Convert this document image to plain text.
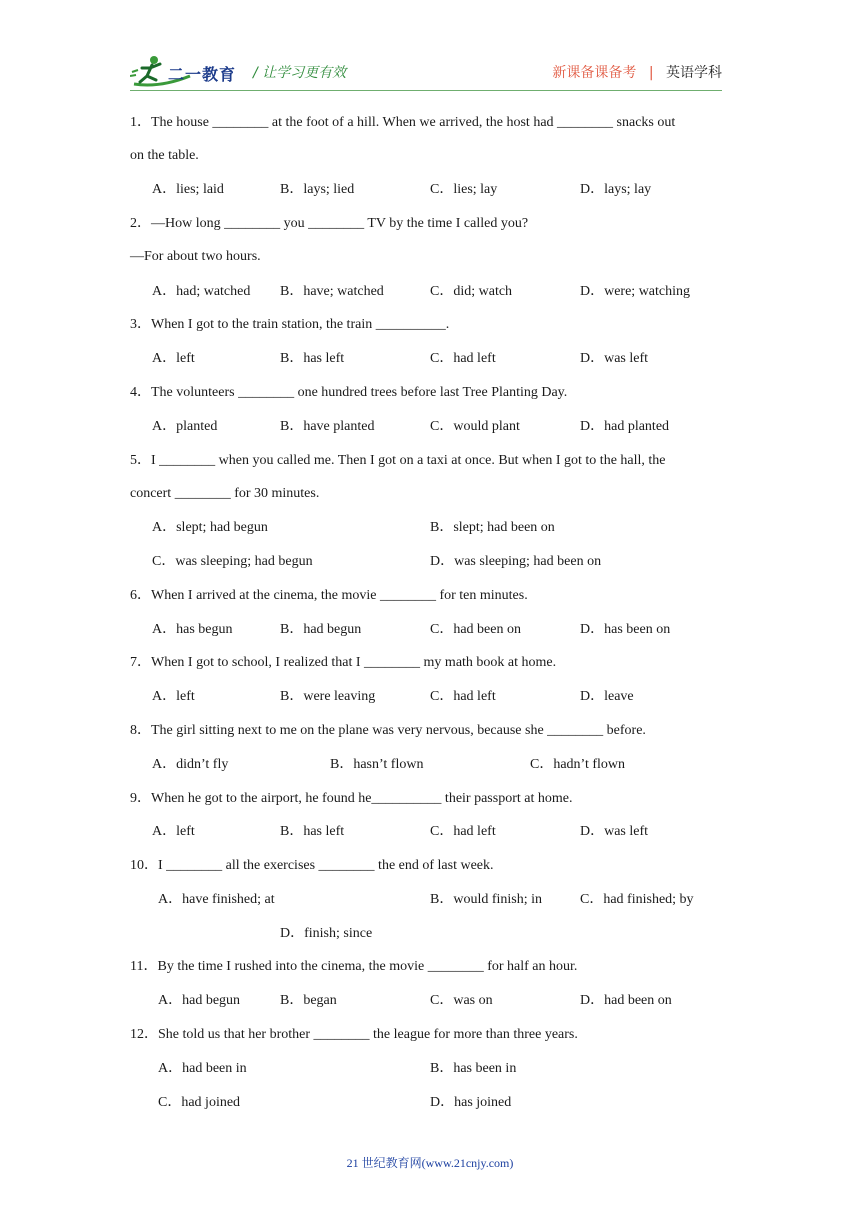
二一教育 / 让学习更有效	新课备课备考 | 英语学科
1．The house ________ at the foot of a hill. When we arrived, the host had ________ snacks out
on the table.
A．lies; laid	B．lays; lied	C．lies; lay	D．lays; lay
2．—How long ________ you ________ TV by the time I called you?
—For about two hours.
A．had; watched B．have; watched	C．did; watch	D．were; watching
3．When I got to the train station, the train __________.
A．left	B．has left	C．had left	D．was left
4．The volunteers ________ one hundred trees before last Tree Planting Day.
A．planted	B．have planted	C．would plant	D．had planted
5．I ________ when you called me. Then I got on a taxi at once. But when I got to the hall, the
concert ________ for 30 minutes.
A．slept; had begun	B．slept; had been on
C．was sleeping; had begun	D．was sleeping; had been on
6．When I arrived at the cinema, the movie ________ for ten minutes.
A．has begun	B．had begun	C．had been on	D．has been on
7．When I got to school, I realized that I ________ my math book at home.
A．left	B．were leaving	C．had left	D．leave
8．The girl sitting next to me on the plane was very nervous, because she ________ before.
A．didn’t fly	B．hasn’t flown	C．hadn’t flown
9．When he got to the airport, he found he__________ their passport at home.
A．left	B．has left	C．had left	D．was left
10．I ________ all the exercises ________ the end of last week.
A．have finished; at	B．would finish; in	C．had finished; by
D．finish; since
11．By the time I rushed into the cinema, the movie ________ for half an hour.
A．had begun	B．began	C．was on	D．had been on
12．She told us that her brother ________ the league for more than three years.
A．had been in	B．has been in
C．had joined	D．has joined
21 世纪教育网(www.21cnjy.com)
